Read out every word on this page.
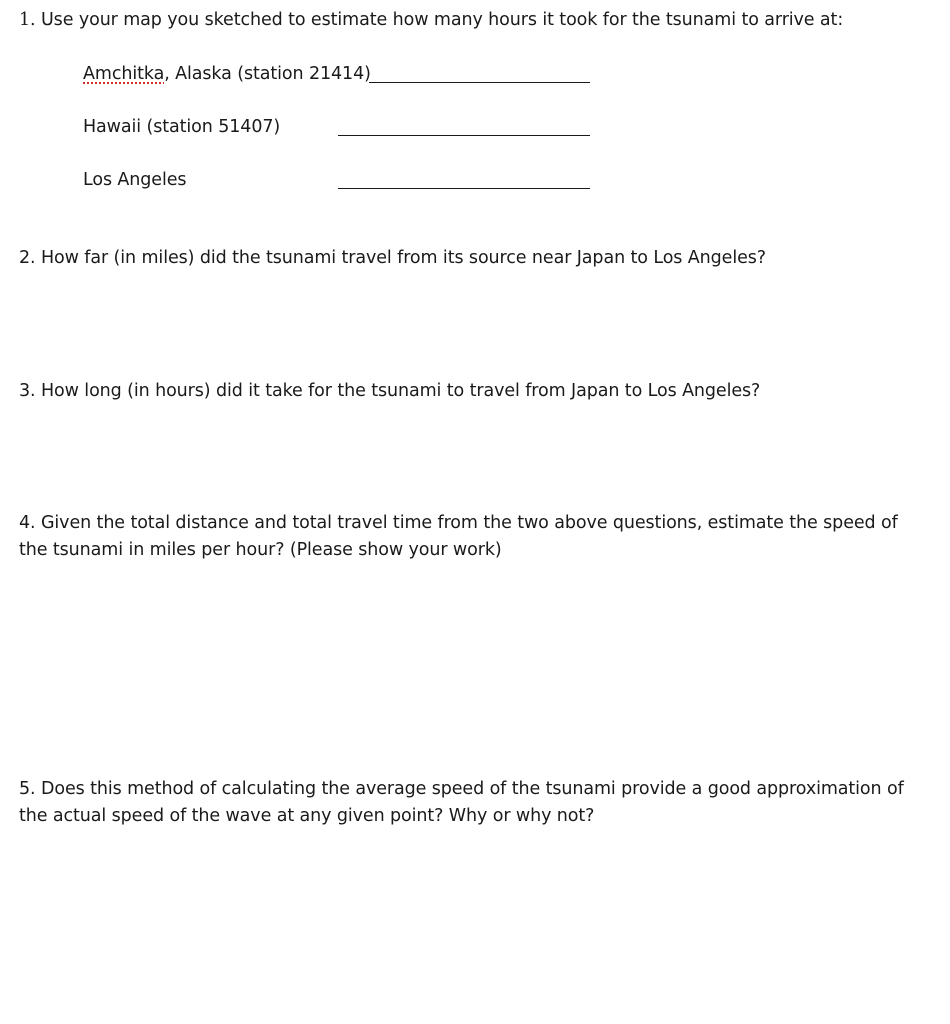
1. Use your map you sketched to estimate how many hours it took for the tsunami to arrive at:
Amchitka, Alaska (station 21414)
Hawaii (station 51407)
Los Angeles
2. How far (in miles) did the tsunami travel from its source near Japan to Los Angeles?
3. How long (in hours) did it take for the tsunami to travel from Japan to Los Angeles?
4. Given the total distance and total travel time from the two above questions, estimate the speed of the tsunami in miles per hour? (Please show your work)
5. Does this method of calculating the average speed of the tsunami provide a good approximation of the actual speed of the wave at any given point? Why or why not?
